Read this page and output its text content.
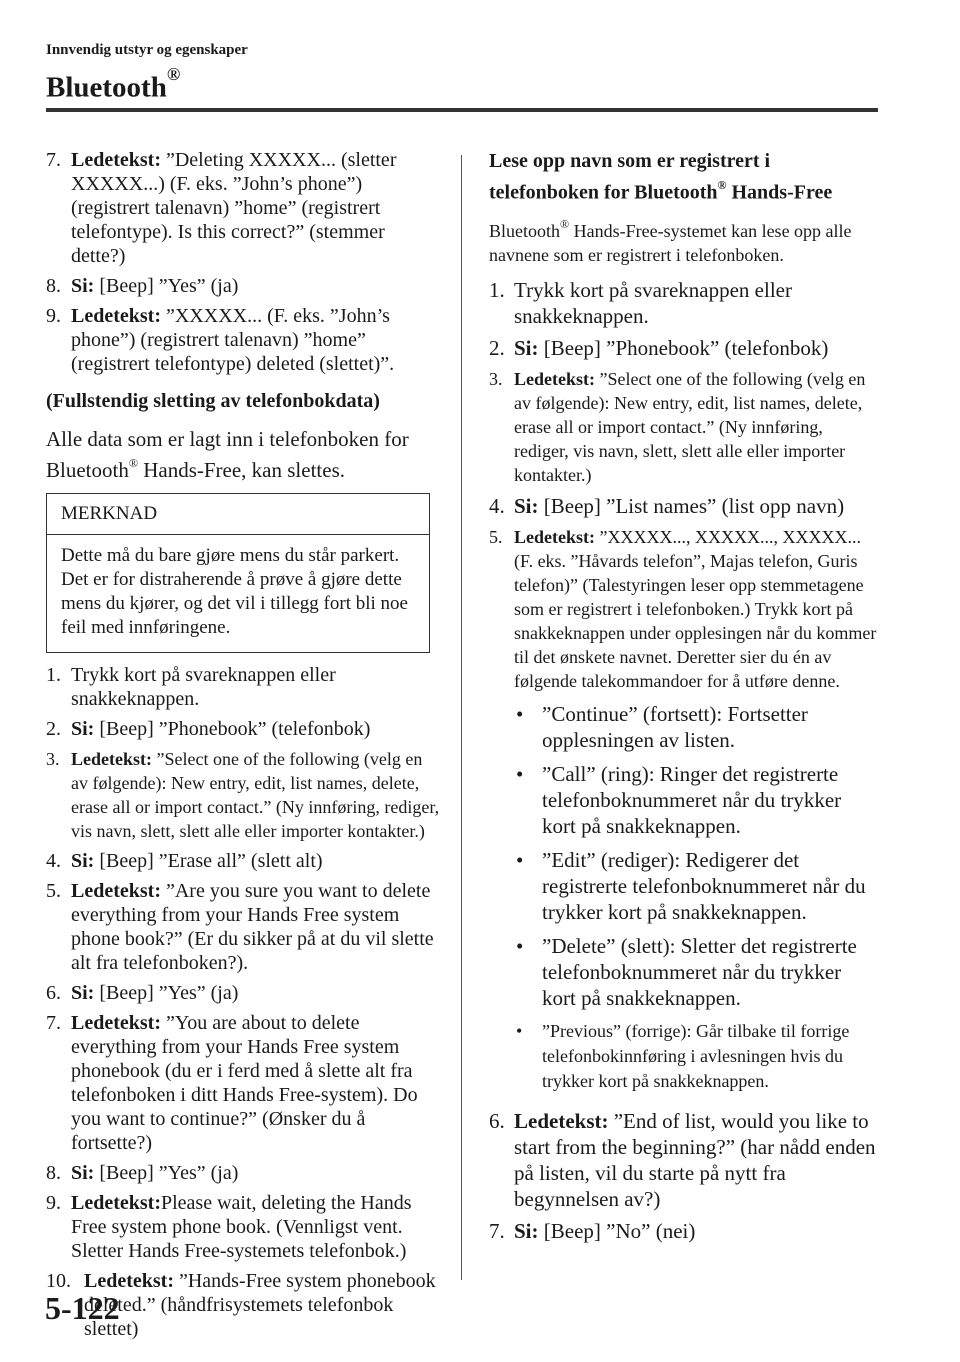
Innvendig utstyr og egenskaper
Bluetooth®
7. Ledetekst: ”Deleting XXXXX... (sletter XXXXX...) (F. eks. ”John’s phone”) (registrert talenavn) ”home” (registrert telefontype). Is this correct?” (stemmer dette?)
8. Si: [Beep] ”Yes” (ja)
9. Ledetekst: ”XXXXX... (F. eks. ”John’s phone”) (registrert talenavn) ”home” (registrert telefontype) deleted (slettet)”.
(Fullstendig sletting av telefonbokdata)
Alle data som er lagt inn i telefonboken for Bluetooth® Hands-Free, kan slettes.
MERKNAD
Dette må du bare gjøre mens du står parkert. Det er for distraherende å prøve å gjøre dette mens du kjører, og det vil i tillegg fort bli noe feil med innføringene.
1. Trykk kort på svareknappen eller snakkeknappen.
2. Si: [Beep] ”Phonebook” (telefonbok)
3. Ledetekst: ”Select one of the following (velg en av følgende): New entry, edit, list names, delete, erase all or import contact.” (Ny innføring, rediger, vis navn, slett, slett alle eller importer kontakter.)
4. Si: [Beep] ”Erase all” (slett alt)
5. Ledetekst: ”Are you sure you want to delete everything from your Hands Free system phone book?” (Er du sikker på at du vil slette alt fra telefonboken?).
6. Si: [Beep] ”Yes” (ja)
7. Ledetekst: ”You are about to delete everything from your Hands Free system phonebook (du er i ferd med å slette alt fra telefonboken i ditt Hands Free-system). Do you want to continue?” (Ønsker du å fortsette?)
8. Si: [Beep] ”Yes” (ja)
9. Ledetekst:Please wait, deleting the Hands Free system phone book. (Vennligst vent. Sletter Hands Free-systemets telefonbok.)
10. Ledetekst: ”Hands-Free system phonebook deleted.” (håndfrisystemets telefonbok slettet)
Lese opp navn som er registrert i telefonboken for Bluetooth® Hands-Free
Bluetooth® Hands-Free-systemet kan lese opp alle navnene som er registrert i telefonboken.
1. Trykk kort på svareknappen eller snakkeknappen.
2. Si: [Beep] ”Phonebook” (telefonbok)
3. Ledetekst: ”Select one of the following (velg en av følgende): New entry, edit, list names, delete, erase all or import contact.” (Ny innføring, rediger, vis navn, slett, slett alle eller importer kontakter.)
4. Si: [Beep] ”List names” (list opp navn)
5. Ledetekst: ”XXXXX..., XXXXX..., XXXXX... (F. eks. ”Håvards telefon”, Majas telefon, Guris telefon)” (Talestyringen leser opp stemmetagene som er registrert i telefonboken.) Trykk kort på snakkeknappen under opplesingen når du kommer til det ønskete navnet. Deretter sier du én av følgende talekommandoer for å utføre denne.
• ”Continue” (fortsett): Fortsetter opplesningen av listen.
• ”Call” (ring): Ringer det registrerte telefonboknummeret når du trykker kort på snakkeknappen.
• ”Edit” (rediger): Redigerer det registrerte telefonboknummeret når du trykker kort på snakkeknappen.
• ”Delete” (slett): Sletter det registrerte telefonboknummeret når du trykker kort på snakkeknappen.
•	”Previous” (forrige): Går tilbake til forrige telefonbokinnføring i avlesningen hvis du trykker kort på snakkeknappen.
6. Ledetekst: ”End of list, would you like to start from the beginning?” (har nådd enden på listen, vil du starte på nytt fra begynnelsen av?)
7. Si: [Beep] ”No” (nei)
5-122
